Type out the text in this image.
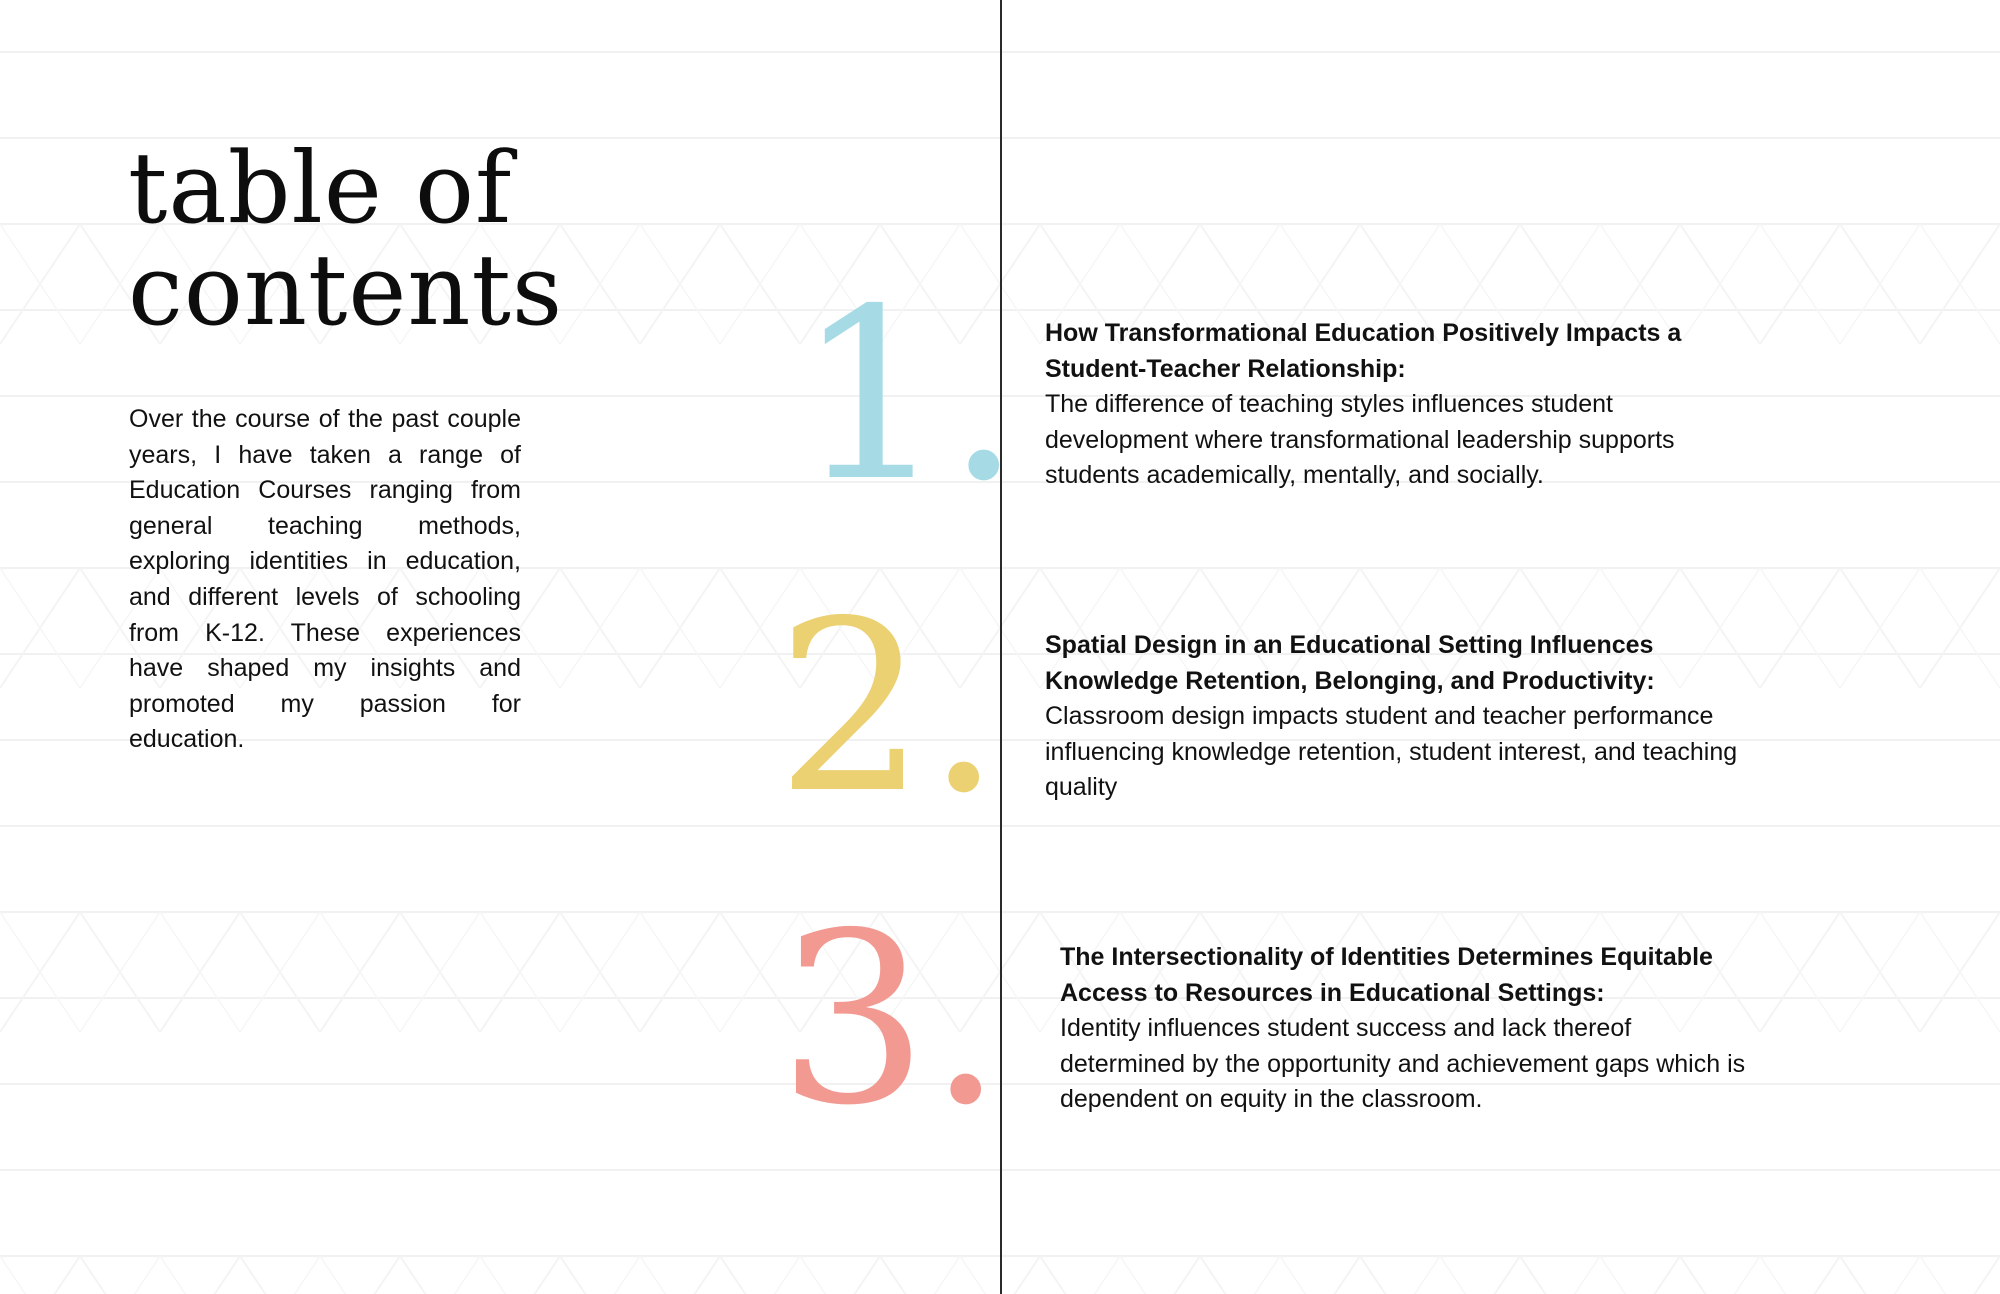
table of
contents

Over the course of the past couple years, I have taken a range of Education Courses ranging from general teaching methods, exploring identities in education, and different levels of schooling from K-12. These experiences have shaped my insights and promoted my passion for education.

1.
2.
3.
How Transformational Education Positively Impacts a Student-Teacher Relationship:

The difference of teaching styles influences student development where transformational leadership supports students academically, mentally, and socially.

Spatial Design in an Educational Setting Influences Knowledge Retention, Belonging, and Productivity:

Classroom design impacts student and teacher performance influencing knowledge retention, student interest, and teaching quality

The Intersectionality of Identities Determines Equitable Access to Resources in Educational Settings:

Identity influences student success and lack thereof determined by the opportunity and achievement gaps which is dependent on equity in the classroom.
